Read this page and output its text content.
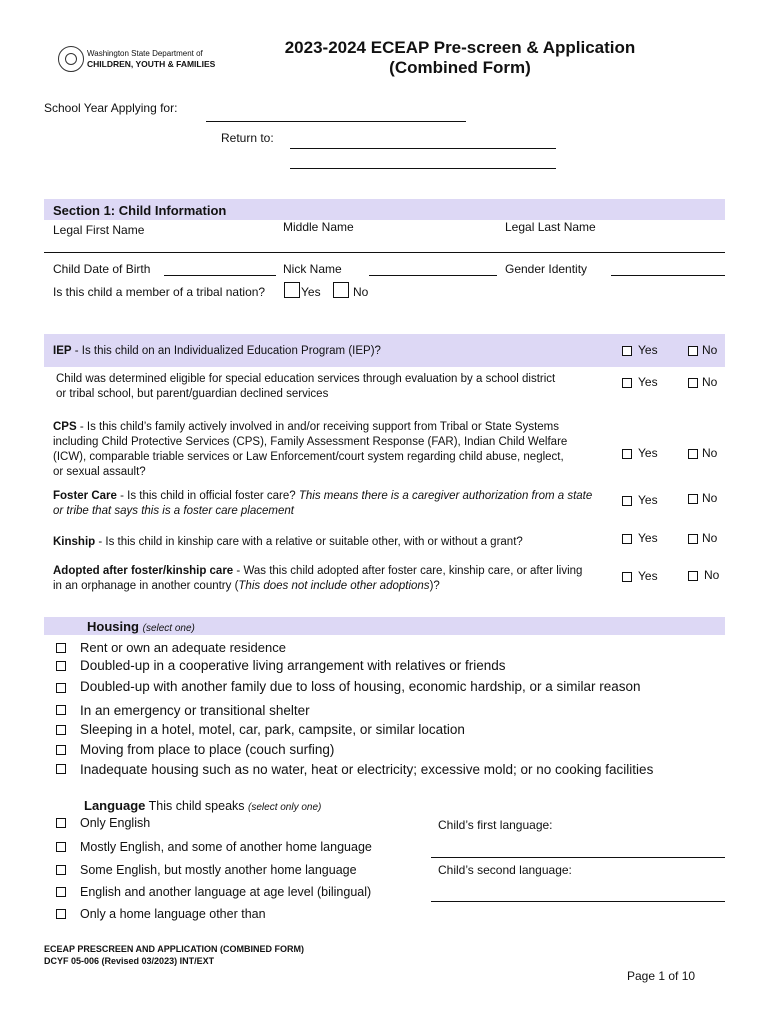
Washington State Department of
CHILDREN, YOUTH & FAMILIES
2023-2024 ECEAP Pre-screen & Application
(Combined Form)
School Year Applying for:
Return to:
Section 1: Child Information
Legal First Name	Middle Name	Legal Last Name
Child Date of Birth	Nick Name	Gender Identity
Is this child a member of a tribal nation?	Yes	No
IEP - Is this child on an Individualized Education Program (IEP)?	Yes	No
Child was determined eligible for special education services through evaluation by a school district or tribal school, but parent/guardian declined services
Yes	No
CPS - Is this child’s family actively involved in and/or receiving support from Tribal or State Systems including Child Protective Services (CPS), Family Assessment Response (FAR), Indian Child Welfare (ICW), comparable triable services or Law Enforcement/court system regarding child abuse, neglect, or sexual assault?
Yes	No
Foster Care - Is this child in official foster care? This means there is a caregiver authorization from a state or tribe that says this is a foster care placement
Yes	No
Kinship - Is this child in kinship care with a relative or suitable other, with or without a grant?	Yes	No
Adopted after foster/kinship care - Was this child adopted after foster care, kinship care, or after living in an orphanage in another country (This does not include other adoptions)?
Yes	No
Housing (select one)
Rent or own an adequate residence
Doubled-up in a cooperative living arrangement with relatives or friends
Doubled-up with another family due to loss of housing, economic hardship, or a similar reason
In an emergency or transitional shelter
Sleeping in a hotel, motel, car, park, campsite, or similar location
Moving from place to place (couch surfing)
Inadequate housing such as no water, heat or electricity; excessive mold; or no cooking facilities
Language This child speaks (select only one)
Only English
Mostly English, and some of another home language
Some English, but mostly another home language
English and another language at age level (bilingual)
Only a home language other than
Child’s first language:
Child’s second language:
ECEAP PRESCREEN AND APPLICATION (COMBINED FORM)
DCYF 05-006 (Revised 03/2023) INT/EXT
Page 1 of 10
